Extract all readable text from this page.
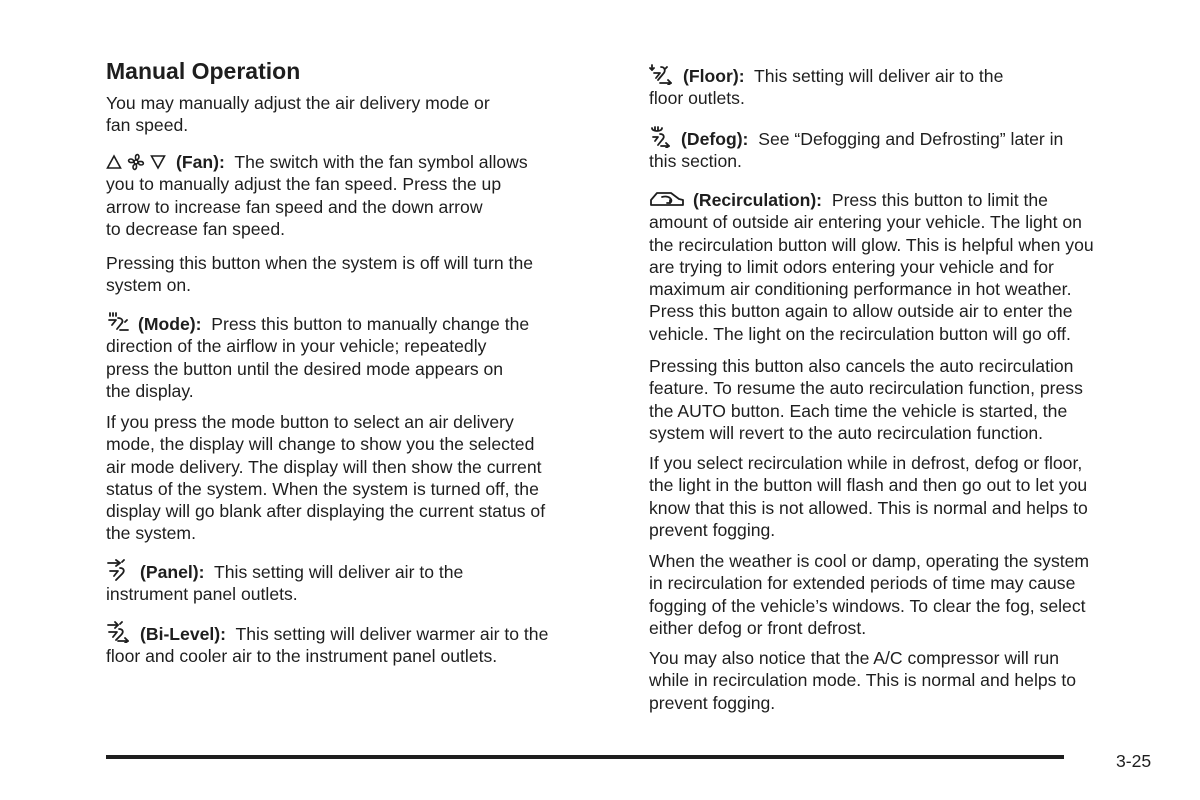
Manual Operation
You may manually adjust the air delivery mode or
fan speed.
(Fan): The switch with the fan symbol allows
you to manually adjust the fan speed. Press the up
arrow to increase fan speed and the down arrow
to decrease fan speed.
Pressing this button when the system is off will turn the
system on.
(Mode): Press this button to manually change the
direction of the airflow in your vehicle; repeatedly
press the button until the desired mode appears on
the display.
If you press the mode button to select an air delivery
mode, the display will change to show you the selected
air mode delivery. The display will then show the current
status of the system. When the system is turned off, the
display will go blank after displaying the current status of
the system.
(Panel): This setting will deliver air to the
instrument panel outlets.
(Bi-Level): This setting will deliver warmer air to the
floor and cooler air to the instrument panel outlets.
(Floor): This setting will deliver air to the
floor outlets.
(Defog): See “Defogging and Defrosting” later in
this section.
(Recirculation): Press this button to limit the
amount of outside air entering your vehicle. The light on
the recirculation button will glow. This is helpful when you
are trying to limit odors entering your vehicle and for
maximum air conditioning performance in hot weather.
Press this button again to allow outside air to enter the
vehicle. The light on the recirculation button will go off.
Pressing this button also cancels the auto recirculation
feature. To resume the auto recirculation function, press
the AUTO button. Each time the vehicle is started, the
system will revert to the auto recirculation function.
If you select recirculation while in defrost, defog or floor,
the light in the button will flash and then go out to let you
know that this is not allowed. This is normal and helps to
prevent fogging.
When the weather is cool or damp, operating the system
in recirculation for extended periods of time may cause
fogging of the vehicle’s windows. To clear the fog, select
either defog or front defrost.
You may also notice that the A/C compressor will run
while in recirculation mode. This is normal and helps to
prevent fogging.
3-25
